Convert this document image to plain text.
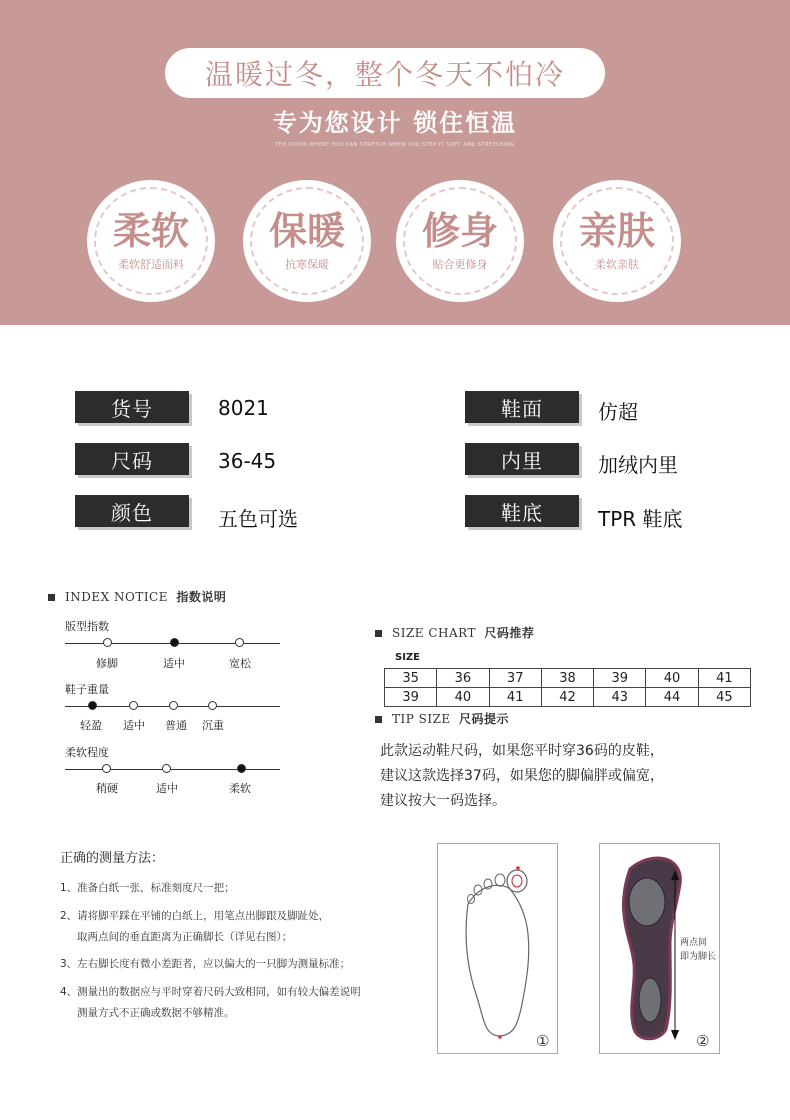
温暖过冬，整个冬天不怕冷
专为您设计 锁住恒温
THE ROOM WHERE YOU CAN STRETCH WHEN YOU STEP IT SOFT AND STRETCHING
柔软
柔软舒适面料
保暖
抗寒保暖
修身
贴合更修身
亲肤
柔软亲肤
货号	8021
尺码	36-45
颜色	五色可选
鞋面	仿超
内里	加绒内里
鞋底	TPR 鞋底
INDEX NOTICE 指数说明
版型指数
修脚	适中	宽松
鞋子重量
轻盈 适中 普通 沉重
柔软程度
稍硬	适中	柔软
SIZE CHART 尺码推荐
SIZE
35	36	37	38	39	40	41
39	40	41	42	43	44	45
TIP SIZE 尺码提示
此款运动鞋尺码，如果您平时穿36码的皮鞋，
建议这款选择37码，如果您的脚偏胖或偏宽，
建议按大一码选择。
正确的测量方法：
1、准备白纸一张，标准刻度尺一把；
2、请将脚平踩在平铺的白纸上，用笔点出脚跟及脚趾处，
取两点间的垂直距离为正确脚长（详见右图）；
3、左右脚长度有微小差距者，应以偏大的一只脚为测量标准；
4、测量出的数据应与平时穿着尺码大致相同，如有较大偏差说明
测量方式不正确或数据不够精准。
①
两点间
即为脚长
②
